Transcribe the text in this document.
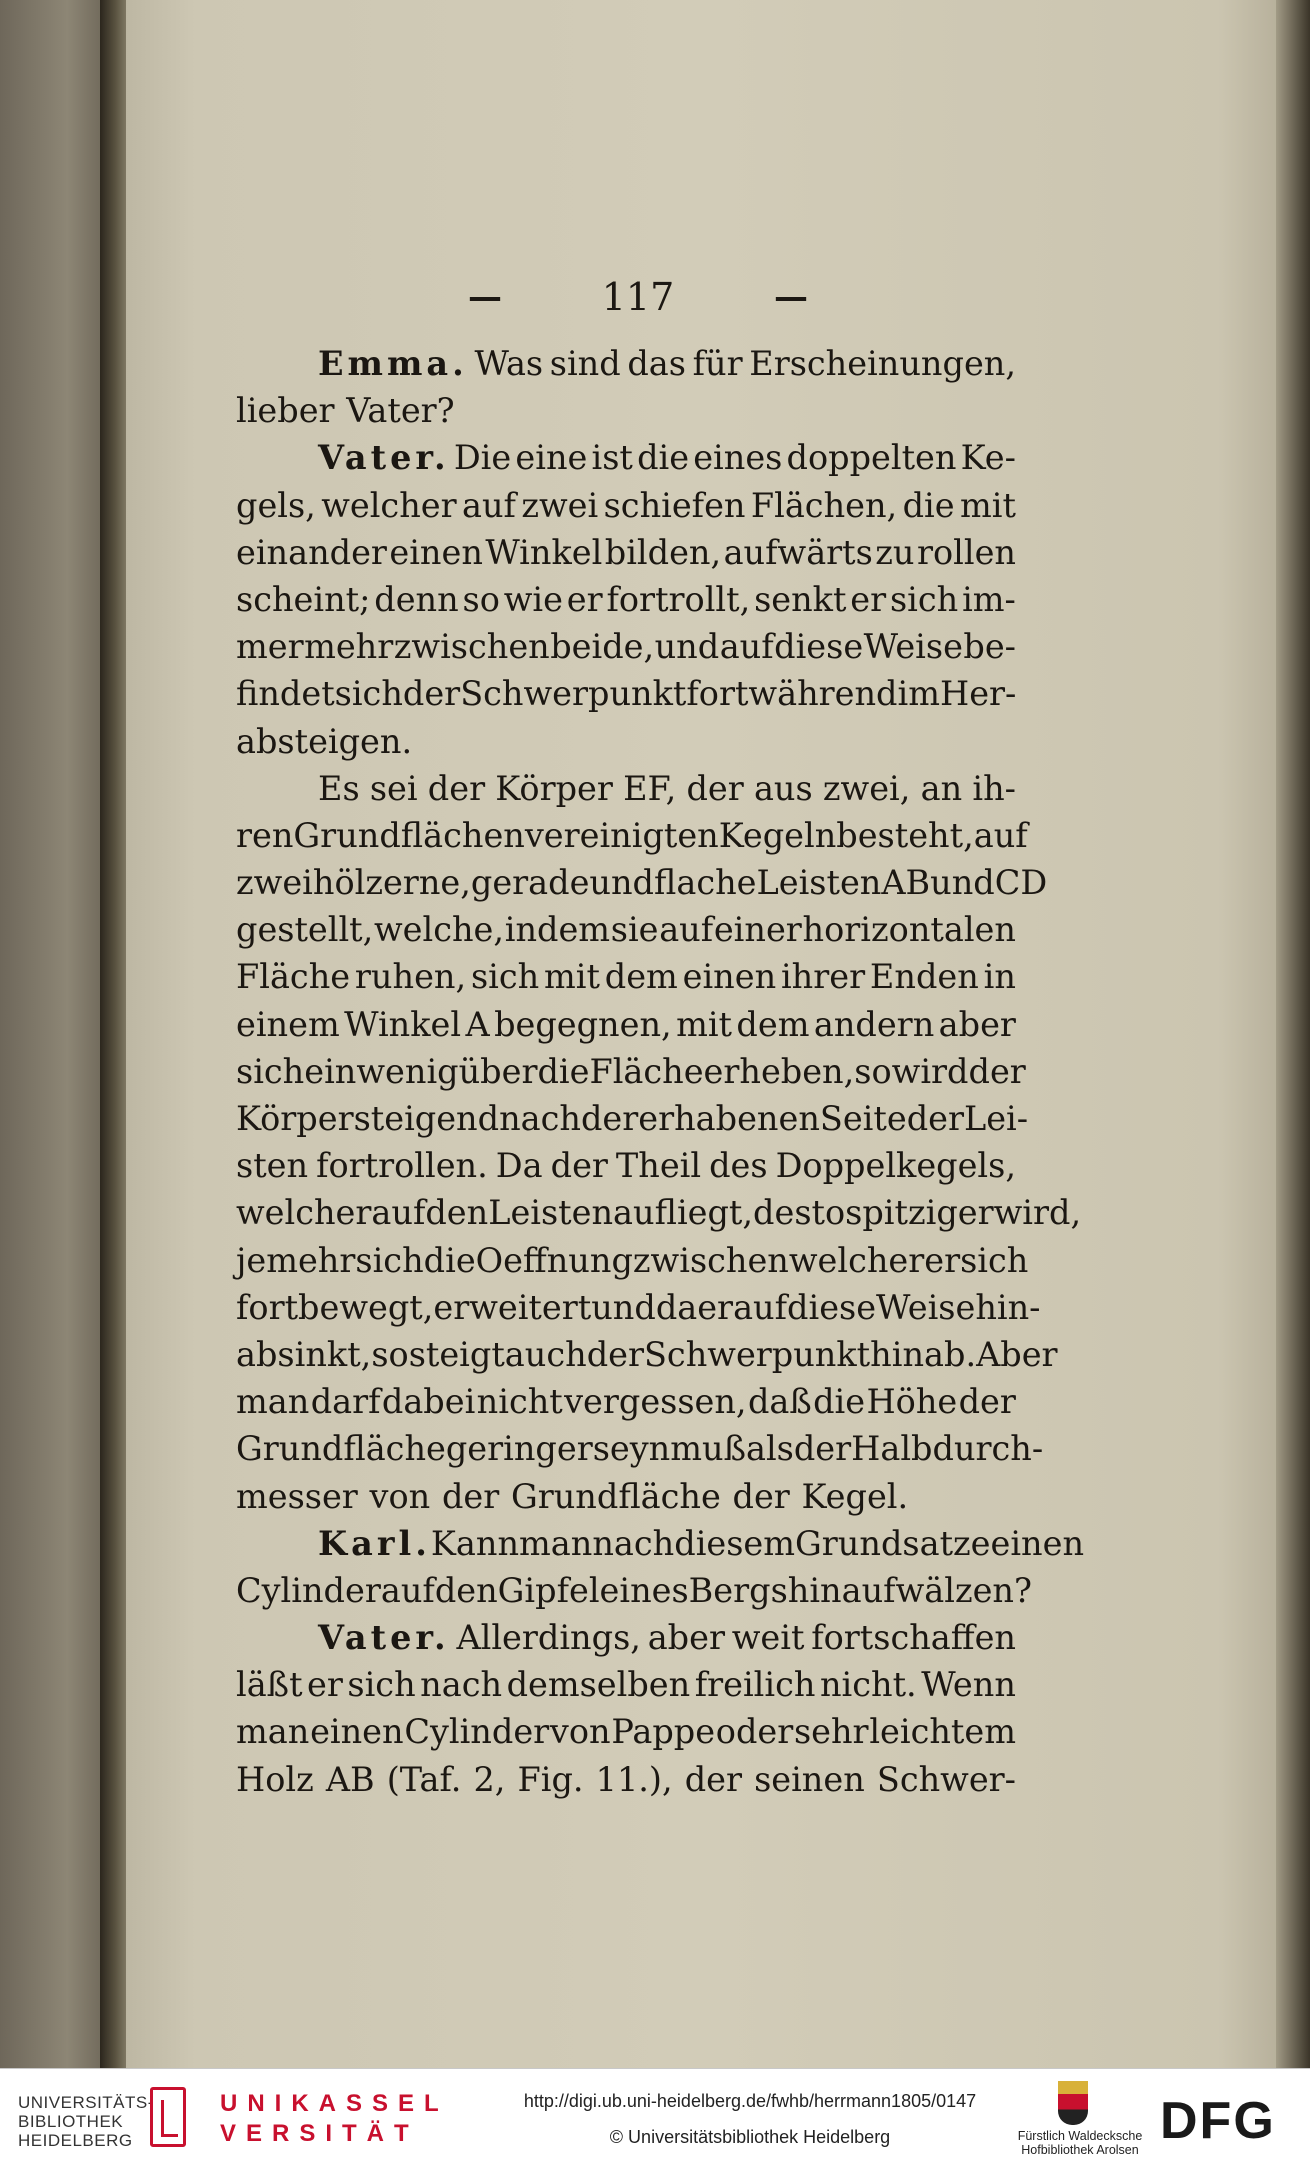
—	117	—
Emma. Was sind das für Erscheinungen,
lieber Vater?
Vater. Die eine ist die eines doppelten Ke-
gels, welcher auf zwei schiefen Flächen, die mit
einander einen Winkel bilden, aufwärts zu rollen
scheint; denn so wie er fortrollt, senkt er sich im-
mer mehr zwischen beide, und auf diese Weise be-
findet sich der Schwerpunkt fortwährend im Her-
absteigen.
Es sei der Körper EF, der aus zwei, an ih-
ren Grundflächen vereinigten Kegeln besteht, auf
zwei hölzerne, gerade und flache Leisten AB und CD
gestellt, welche, indem sie auf einer horizontalen
Fläche ruhen, sich mit dem einen ihrer Enden in
einem Winkel A begegnen, mit dem andern aber
sich ein wenig über die Fläche erheben, so wird der
Körper steigend nach der erhabenen Seite der Lei-
sten fortrollen. Da der Theil des Doppelkegels,
welcher auf den Leisten aufliegt, desto spitziger wird,
je mehr sich die Oeffnung zwischen welcher er sich
fortbewegt, erweitert und da er auf diese Weise hin-
absinkt, so steigt auch der Schwerpunkt hinab. Aber
man darf dabei nicht vergessen, daß die Höhe der
Grundfläche geringer seyn muß als der Halbdurch-
messer von der Grundfläche der Kegel.
Karl. Kann man nach diesem Grundsatze einen
Cylinder auf den Gipfel eines Bergs hinaufwälzen?
Vater. Allerdings, aber weit fortschaffen
läßt er sich nach demselben freilich nicht. Wenn
man einen Cylinder von Pappe oder sehr leichtem
Holz AB (Taf. 2, Fig. 11.), der seinen Schwer-
UNIVERSITÄTS-
BIBLIOTHEK
HEIDELBERG
UNIKASSEL
VERSITÄT
http://digi.ub.uni-heidelberg.de/fwhb/herrmann1805/0147
© Universitätsbibliothek Heidelberg	Fürstlich Waldecksche
Hofbibliothek Arolsen DFG
